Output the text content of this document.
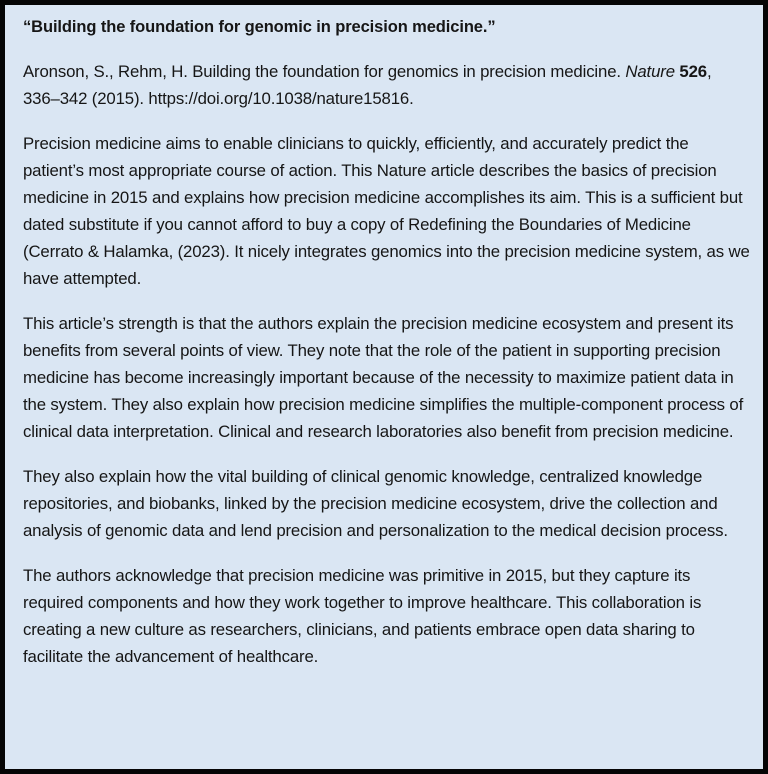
“Building the foundation for genomic in precision medicine.”

Aronson, S., Rehm, H. Building the foundation for genomics in precision medicine. Nature 526, 336–342 (2015). https://doi.org/10.1038/nature15816.

Precision medicine aims to enable clinicians to quickly, efficiently, and accurately predict the patient’s most appropriate course of action. This Nature article describes the basics of precision medicine in 2015 and explains how precision medicine accomplishes its aim. This is a sufficient but dated substitute if you cannot afford to buy a copy of Redefining the Boundaries of Medicine (Cerrato & Halamka, (2023). It nicely integrates genomics into the precision medicine system, as we have attempted.

This article’s strength is that the authors explain the precision medicine ecosystem and present its benefits from several points of view. They note that the role of the patient in supporting precision medicine has become increasingly important because of the necessity to maximize patient data in the system. They also explain how precision medicine simplifies the multiple-component process of clinical data interpretation. Clinical and research laboratories also benefit from precision medicine.

They also explain how the vital building of clinical genomic knowledge, centralized knowledge repositories, and biobanks, linked by the precision medicine ecosystem, drive the collection and analysis of genomic data and lend precision and personalization to the medical decision process.

The authors acknowledge that precision medicine was primitive in 2015, but they capture its required components and how they work together to improve healthcare. This collaboration is creating a new culture as researchers, clinicians, and patients embrace open data sharing to facilitate the advancement of healthcare.
